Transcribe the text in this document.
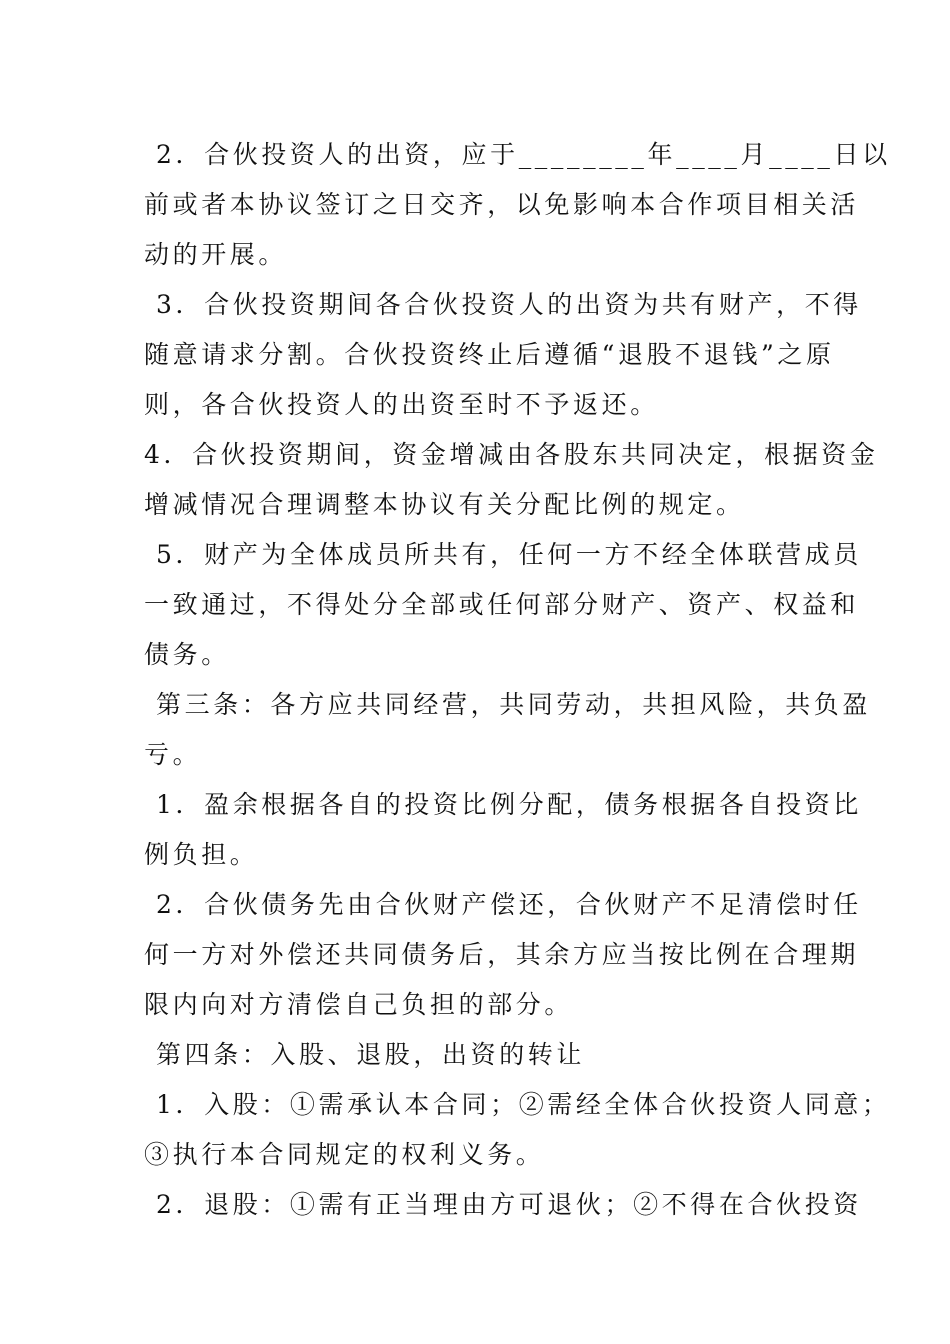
2．合伙投资人的出资，应于________年____月____日以
前或者本协议签订之日交齐，以免影响本合作项目相关活
动的开展。
3．合伙投资期间各合伙投资人的出资为共有财产，不得
随意请求分割。合伙投资终止后遵循“退股不退钱”之原
则，各合伙投资人的出资至时不予返还。
4．合伙投资期间，资金增减由各股东共同决定，根据资金
增减情况合理调整本协议有关分配比例的规定。
5．财产为全体成员所共有，任何一方不经全体联营成员
一致通过，不得处分全部或任何部分财产、资产、权益和
债务。
第三条：各方应共同经营，共同劳动，共担风险，共负盈
亏。
1．盈余根据各自的投资比例分配，债务根据各自投资比
例负担。
2．合伙债务先由合伙财产偿还，合伙财产不足清偿时任
何一方对外偿还共同债务后，其余方应当按比例在合理期
限内向对方清偿自己负担的部分。
第四条：入股、退股，出资的转让
1．入股：①需承认本合同；②需经全体合伙投资人同意；
③执行本合同规定的权利义务。
2．退股：①需有正当理由方可退伙；②不得在合伙投资
